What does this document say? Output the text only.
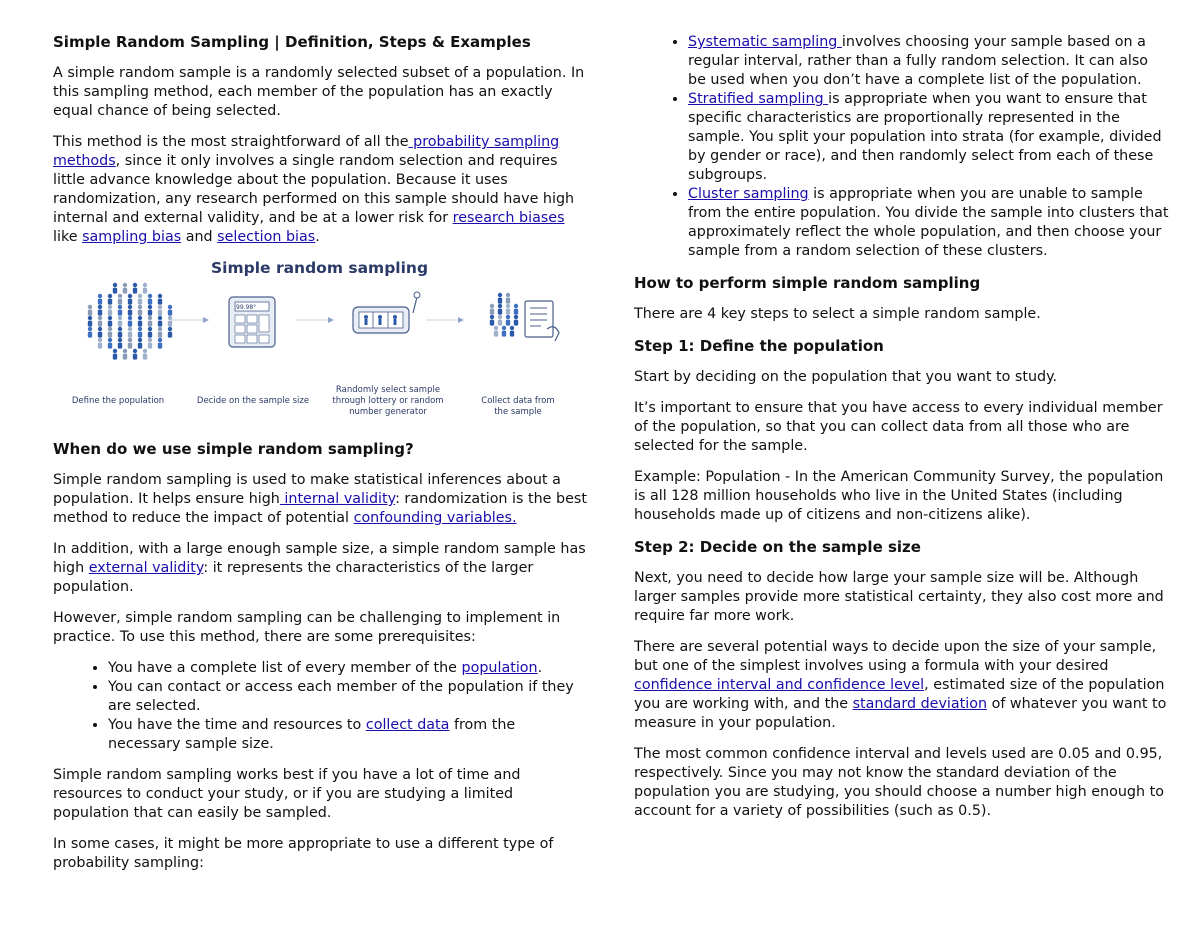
Simple Random Sampling | Definition, Steps & Examples

A simple random sample is a randomly selected subset of a population. In this sampling method, each member of the population has an exactly equal chance of being selected.

This method is the most straightforward of all the probability sampling methods, since it only involves a single random selection and requires little advance knowledge about the population. Because it uses randomization, any research performed on this sample should have high internal and external validity, and be at a lower risk for research biases like sampling bias and selection bias.

Simple random sampling
99.98°
Define the population	Decide on the sample size
Randomly select sample through lottery or random number generator
Collect data from the sample
When do we use simple random sampling?

Simple random sampling is used to make statistical inferences about a population. It helps ensure high internal validity: randomization is the best method to reduce the impact of potential confounding variables.

In addition, with a large enough sample size, a simple random sample has high external validity: it represents the characteristics of the larger population.

However, simple random sampling can be challenging to implement in practice. To use this method, there are some prerequisites:

• You have a complete list of every member of the population.
• You can contact or access each member of the population if they are selected.
• You have the time and resources to collect data from the necessary sample size.

Simple random sampling works best if you have a lot of time and resources to conduct your study, or if you are studying a limited population that can easily be sampled.

In some cases, it might be more appropriate to use a different type of probability sampling:

• Systematic sampling involves choosing your sample based on a regular interval, rather than a fully random selection. It can also be used when you don’t have a complete list of the population.
• Stratified sampling is appropriate when you want to ensure that specific characteristics are proportionally represented in the sample. You split your population into strata (for example, divided by gender or race), and then randomly select from each of these subgroups.
• Cluster sampling is appropriate when you are unable to sample from the entire population. You divide the sample into clusters that approximately reflect the whole population, and then choose your sample from a random selection of these clusters.
How to perform simple random sampling

There are 4 key steps to select a simple random sample.

Step 1: Define the population

Start by deciding on the population that you want to study.

It’s important to ensure that you have access to every individual member of the population, so that you can collect data from all those who are selected for the sample.

Example: Population - In the American Community Survey, the population is all 128 million households who live in the United States (including households made up of citizens and non-citizens alike).

Step 2: Decide on the sample size

Next, you need to decide how large your sample size will be. Although larger samples provide more statistical certainty, they also cost more and require far more work.

There are several potential ways to decide upon the size of your sample, but one of the simplest involves using a formula with your desired confidence interval and confidence level, estimated size of the population you are working with, and the standard deviation of whatever you want to measure in your population.

The most common confidence interval and levels used are 0.05 and 0.95, respectively. Since you may not know the standard deviation of the population you are studying, you should choose a number high enough to account for a variety of possibilities (such as 0.5).
